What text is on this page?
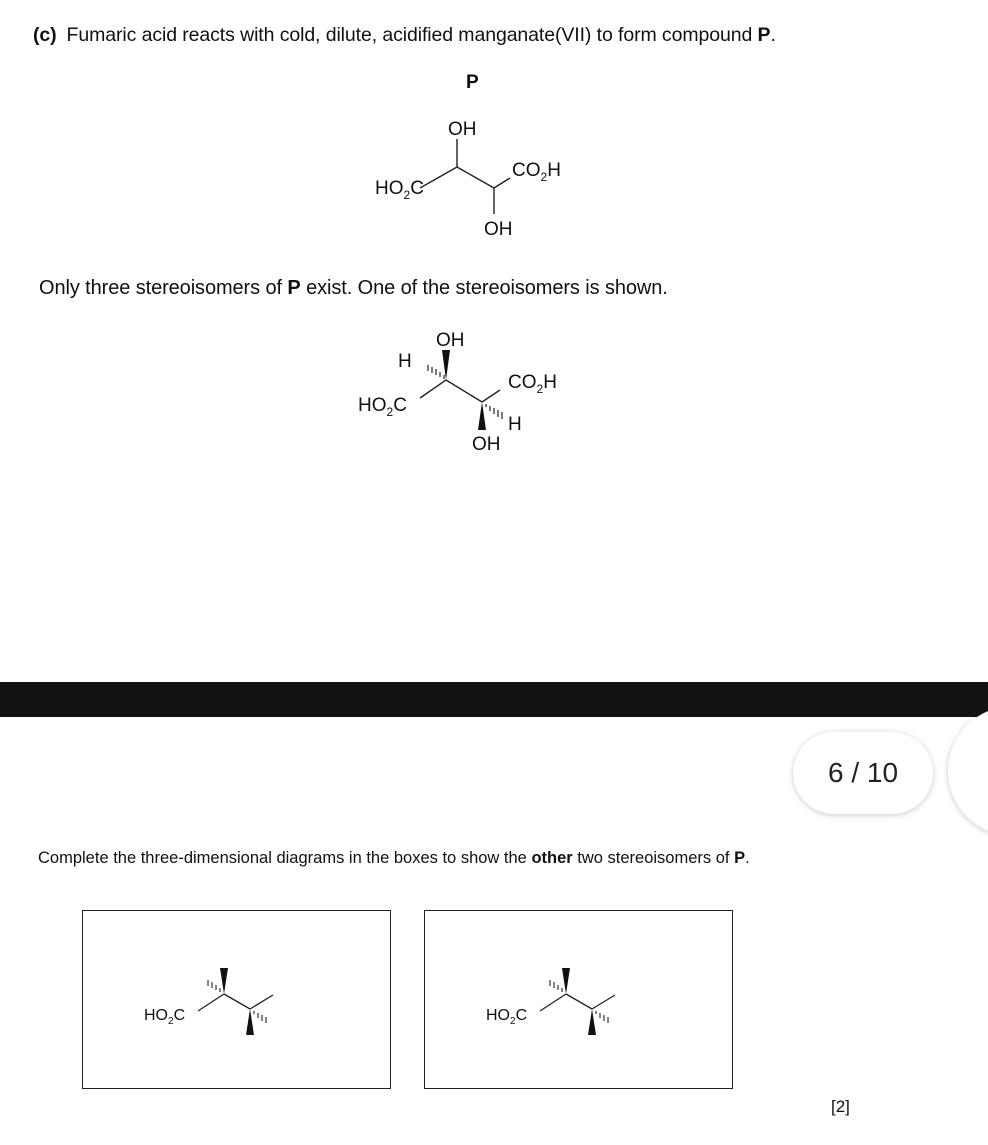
(c) Fumaric acid reacts with cold, dilute, acidified manganate(VII) to form compound P.
P
OH
$HO_2C$
$CO_2H$
OH
Only three stereoisomers of P exist. One of the stereoisomers is shown.
OH
H
$HO_2C$
$CO_2H$
H
OH
6 / 10
Complete the three-dimensional diagrams in the boxes to show the other two stereoisomers of P.
$HO_2C$	$HO_2C$
[2]
